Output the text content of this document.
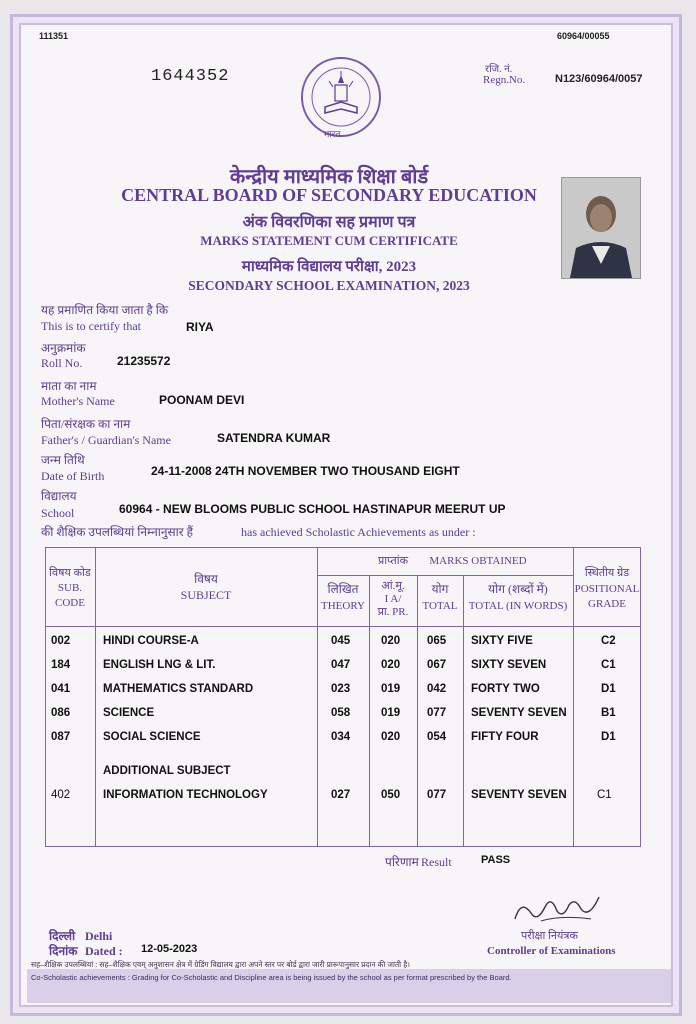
111351	60964/00055
1644352
भारत
रजि. नं.
Regn.No.	N123/60964/0057
केन्द्रीय माध्यमिक शिक्षा बोर्ड
CENTRAL BOARD OF SECONDARY EDUCATION
अंक विवरणिका सह प्रमाण पत्र
MARKS STATEMENT CUM CERTIFICATE
माध्यमिक विद्यालय परीक्षा, 2023
SECONDARY SCHOOL EXAMINATION, 2023
यह प्रमाणित किया जाता है कि
This is to certify that	RIYA
अनुक्रमांक
Roll No.	21235572
माता का नाम
Mother's Name	POONAM DEVI
पिता/संरक्षक का नाम
Father's / Guardian's Name	SATENDRA KUMAR
जन्म तिथि
Date of Birth	24-11-2008 24TH NOVEMBER TWO THOUSAND EIGHT
विद्यालय
School	60964 - NEW BLOOMS PUBLIC SCHOOL HASTINAPUR MEERUT UP
की शैक्षिक उपलब्धियां निम्नानुसार हैं	has achieved Scholastic Achievements as under :
विषय कोड
SUB.
CODE
विषय
SUBJECT
प्राप्तांक	MARKS OBTAINED
लिखित
THEORY
आं.मू.
I A/
प्रा. PR.
योग
TOTAL
योग (शब्दों में)
TOTAL (IN WORDS)
स्थितीय ग्रेड
POSITIONAL
GRADE
002	HINDI COURSE-A	045	020 065 SIXTY FIVE	C2
184	ENGLISH LNG & LIT.	047	020 067 SIXTY SEVEN	C1
041	MATHEMATICS STANDARD	023	019 042 FORTY TWO	D1
086	SCIENCE	058	019 077 SEVENTY SEVEN	B1
087	SOCIAL SCIENCE	034	020 054 FIFTY FOUR	D1
ADDITIONAL SUBJECT
402	INFORMATION TECHNOLOGY	027	050 077 SEVENTY SEVEN	C1
परिणाम Result	PASS
परीक्षा नियंत्रक
Controller of Examinations
दिल्ली Delhi
दिनांक Dated : 12-05-2023
सह–शैक्षिक उपलब्धियां : सह–शैक्षिक एवम् अनुशासन क्षेत्र में ग्रेडिंग विद्यालय द्वारा अपने स्तर पर बोर्ड द्वारा जारी प्रारूपानुसार प्रदान की जाती है।
Co-Scholastic achievements : Grading for Co-Scholastic and Discipline area is being issued by the school as per format prescribed by the Board.
